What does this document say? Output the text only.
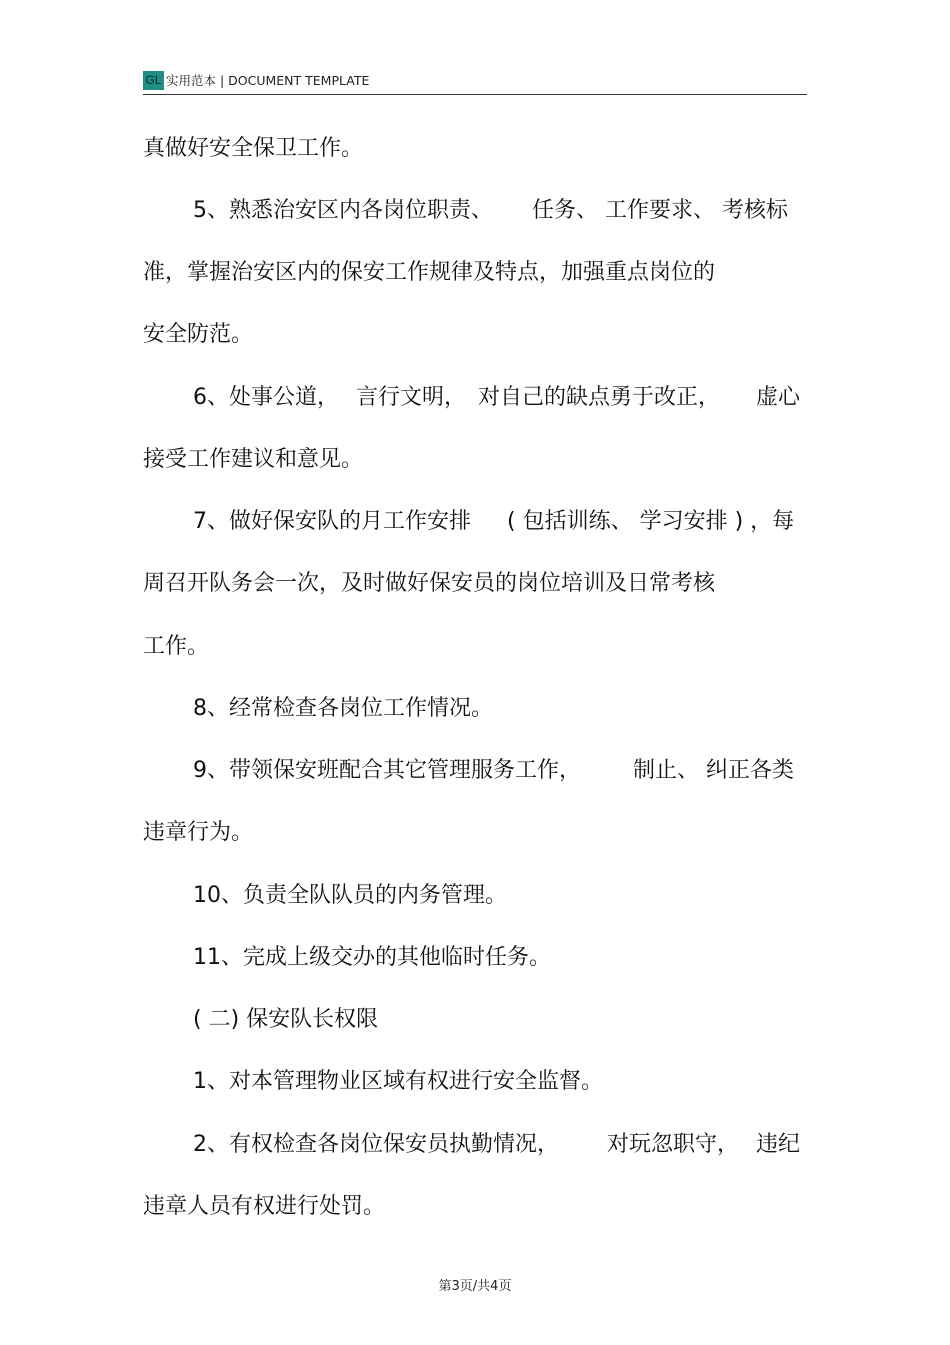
GL 实用范本 | DOCUMENT TEMPLATE
真做好安全保卫工作。
5、熟悉治安区内各岗位职责、 任务、 工作要求、 考核标
准，掌握治安区内的保安工作规律及特点，加强重点岗位的
安全防范。
6、处事公道， 言行文明， 对自己的缺点勇于改正， 虚心
接受工作建议和意见。
7、做好保安队的月工作安排 ( 包括训练、 学习安排 ) ，每
周召开队务会一次，及时做好保安员的岗位培训及日常考核
工作。
8、经常检查各岗位工作情况。
9、带领保安班配合其它管理服务工作， 制止、 纠正各类
违章行为。
10、负责全队队员的内务管理。
11、完成上级交办的其他临时任务。
( 二) 保安队长权限
1、对本管理物业区域有权进行安全监督。
2、有权检查各岗位保安员执勤情况， 对玩忽职守， 违纪
违章人员有权进行处罚。
第3页/共4页
